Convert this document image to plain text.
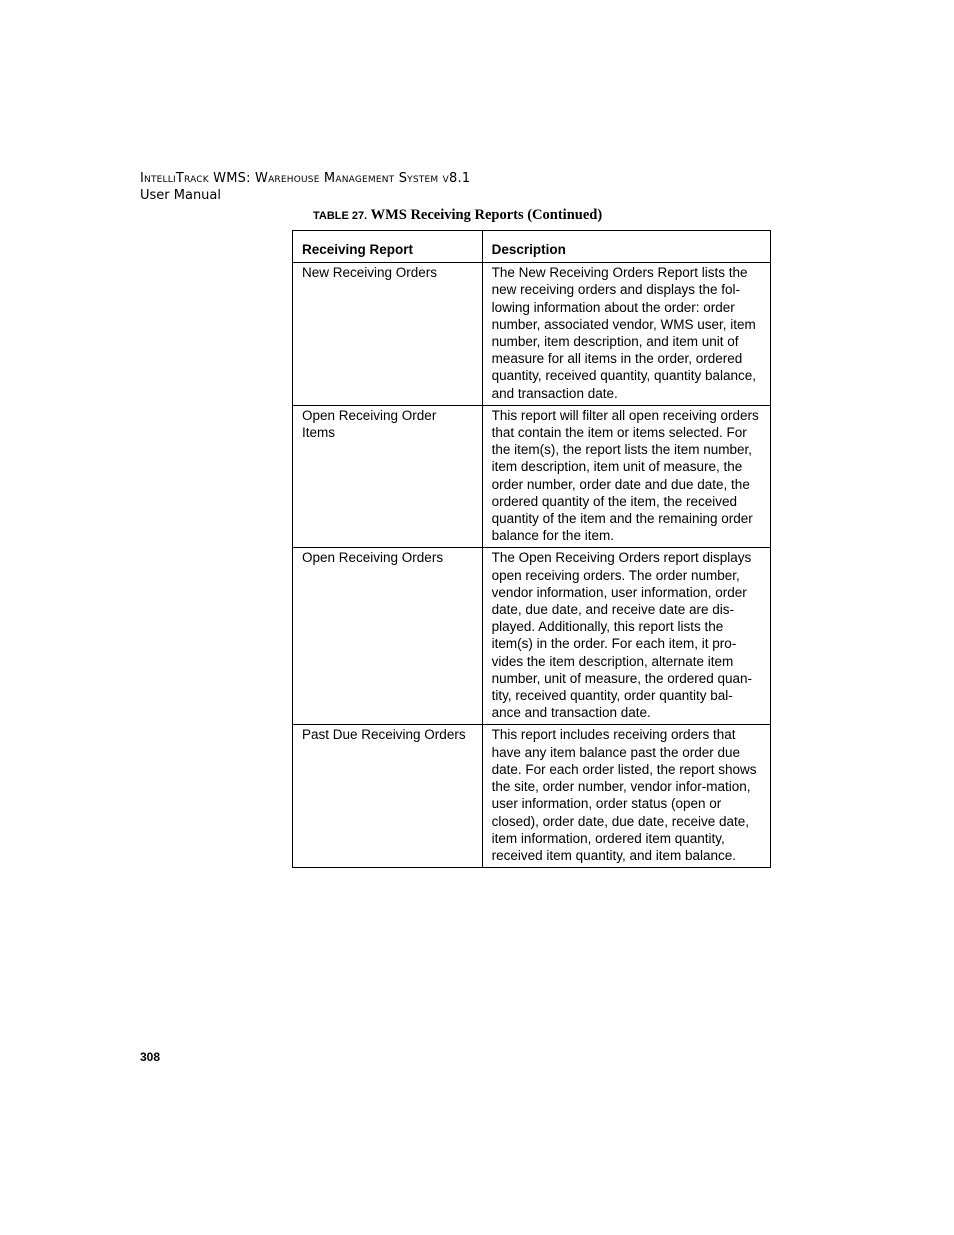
IntelliTrack WMS: Warehouse Management System v8.1
User Manual
TABLE 27. WMS Receiving Reports (Continued)
Receiving Report	Description
New Receiving Orders	The New Receiving Orders Report lists the new receiving orders and displays the fol-lowing information about the order: order number, associated vendor, WMS user, item number, item description, and item unit of measure for all items in the order, ordered quantity, received quantity, quantity balance, and transaction date.
Open Receiving Order Items	This report will filter all open receiving orders that contain the item or items selected. For the item(s), the report lists the item number, item description, item unit of measure, the order number, order date and due date, the ordered quantity of the item, the received quantity of the item and the remaining order balance for the item.
Open Receiving Orders	The Open Receiving Orders report displays open receiving orders. The order number, vendor information, user information, order date, due date, and receive date are dis-played. Additionally, this report lists the item(s) in the order. For each item, it pro-vides the item description, alternate item number, unit of measure, the ordered quan-tity, received quantity, order quantity bal-ance and transaction date.
Past Due Receiving Orders	This report includes receiving orders that have any item balance past the order due date. For each order listed, the report shows the site, order number, vendor infor-mation, user information, order status (open or closed), order date, due date, receive date, item information, ordered item quantity, received item quantity, and item balance.
308
